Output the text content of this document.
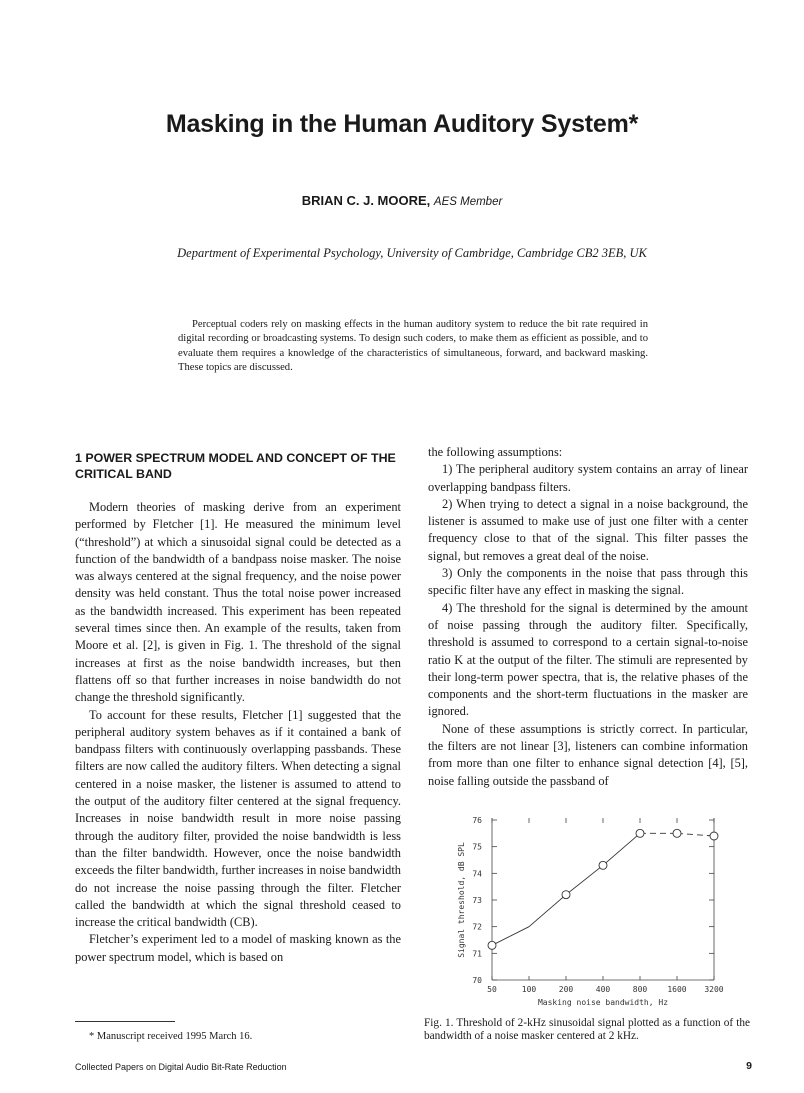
Masking in the Human Auditory System*
BRIAN C. J. MOORE, AES Member
Department of Experimental Psychology, University of Cambridge, Cambridge CB2 3EB, UK
Perceptual coders rely on masking effects in the human auditory system to reduce the bit rate required in digital recording or broadcasting systems. To design such coders, to make them as efficient as possible, and to evaluate them requires a knowledge of the characteristics of simultaneous, forward, and backward masking. These topics are discussed.
1 POWER SPECTRUM MODEL AND CONCEPT OF THE CRITICAL BAND

Modern theories of masking derive from an experiment performed by Fletcher [1]. He measured the minimum level (“threshold”) at which a sinusoidal signal could be detected as a function of the bandwidth of a bandpass noise masker. The noise was always centered at the signal frequency, and the noise power density was held constant. Thus the total noise power increased as the bandwidth increased. This experiment has been repeated several times since then. An example of the results, taken from Moore et al. [2], is given in Fig. 1. The threshold of the signal increases at first as the noise bandwidth increases, but then flattens off so that further increases in noise bandwidth do not change the threshold significantly.

To account for these results, Fletcher [1] suggested that the peripheral auditory system behaves as if it contained a bank of bandpass filters with continuously overlapping passbands. These filters are now called the auditory filters. When detecting a signal centered in a noise masker, the listener is assumed to attend to the output of the auditory filter centered at the signal frequency. Increases in noise bandwidth result in more noise passing through the auditory filter, provided the noise bandwidth is less than the filter bandwidth. However, once the noise bandwidth exceeds the filter bandwidth, further increases in noise bandwidth do not increase the noise passing through the filter. Fletcher called the bandwidth at which the signal threshold ceased to increase the critical bandwidth (CB).

Fletcher’s experiment led to a model of masking known as the power spectrum model, which is based on

the following assumptions:

1) The peripheral auditory system contains an array of linear overlapping bandpass filters.

2) When trying to detect a signal in a noise background, the listener is assumed to make use of just one filter with a center frequency close to that of the signal. This filter passes the signal, but removes a great deal of the noise.

3) Only the components in the noise that pass through this specific filter have any effect in masking the signal.

4) The threshold for the signal is determined by the amount of noise passing through the auditory filter. Specifically, threshold is assumed to correspond to a certain signal-to-noise ratio K at the output of the filter. The stimuli are represented by their long-term power spectra, that is, the relative phases of the components and the short-term fluctuations in the masker are ignored.

None of these assumptions is strictly correct. In particular, the filters are not linear [3], listeners can combine information from more than one filter to enhance signal detection [4], [5], noise falling outside the passband of

70
71
72
73
74
75
76
50	100	200	400	800	1600 3200
Masking noise bandwidth, Hz
Signal threshold, dB SPL
Fig. 1. Threshold of 2-kHz sinusoidal signal plotted as a function of the bandwidth of a noise masker centered at 2 kHz.
* Manuscript received 1995 March 16.
Collected Papers on Digital Audio Bit-Rate Reduction	9
